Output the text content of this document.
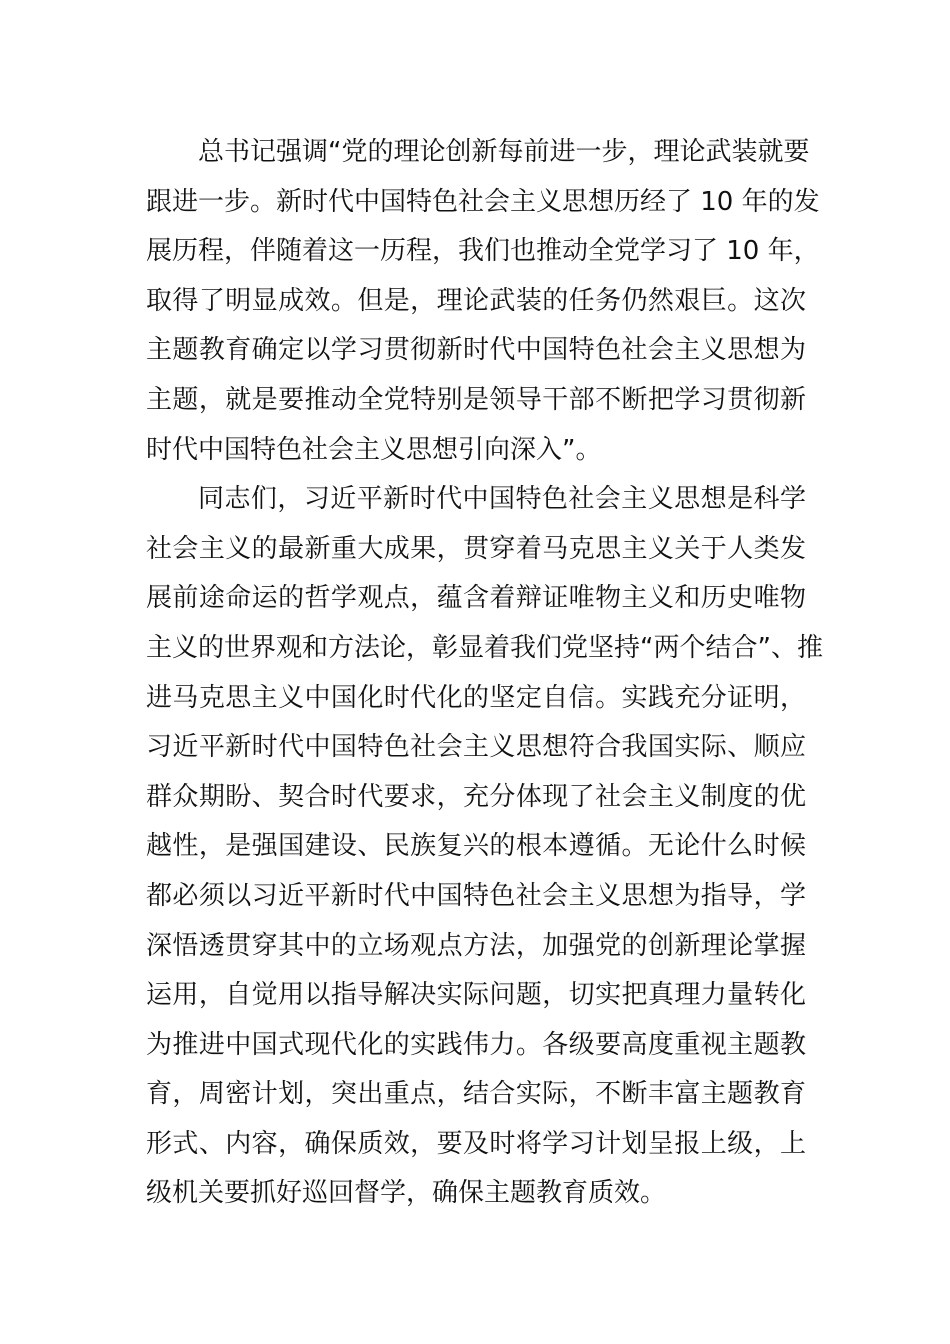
总书记强调“党的理论创新每前进一步，理论武装就要
跟进一步。新时代中国特色社会主义思想历经了 10 年的发
展历程，伴随着这一历程，我们也推动全党学习了 10 年，
取得了明显成效。但是，理论武装的任务仍然艰巨。这次
主题教育确定以学习贯彻新时代中国特色社会主义思想为
主题，就是要推动全党特别是领导干部不断把学习贯彻新
时代中国特色社会主义思想引向深入”。

同志们，习近平新时代中国特色社会主义思想是科学
社会主义的最新重大成果，贯穿着马克思主义关于人类发
展前途命运的哲学观点，蕴含着辩证唯物主义和历史唯物
主义的世界观和方法论，彰显着我们党坚持“两个结合”、推
进马克思主义中国化时代化的坚定自信。实践充分证明，
习近平新时代中国特色社会主义思想符合我国实际、顺应
群众期盼、契合时代要求，充分体现了社会主义制度的优
越性，是强国建设、民族复兴的根本遵循。无论什么时候
都必须以习近平新时代中国特色社会主义思想为指导，学
深悟透贯穿其中的立场观点方法，加强党的创新理论掌握
运用，自觉用以指导解决实际问题，切实把真理力量转化
为推进中国式现代化的实践伟力。各级要高度重视主题教
育，周密计划，突出重点，结合实际，不断丰富主题教育
形式、内容，确保质效，要及时将学习计划呈报上级，上
级机关要抓好巡回督学，确保主题教育质效。
